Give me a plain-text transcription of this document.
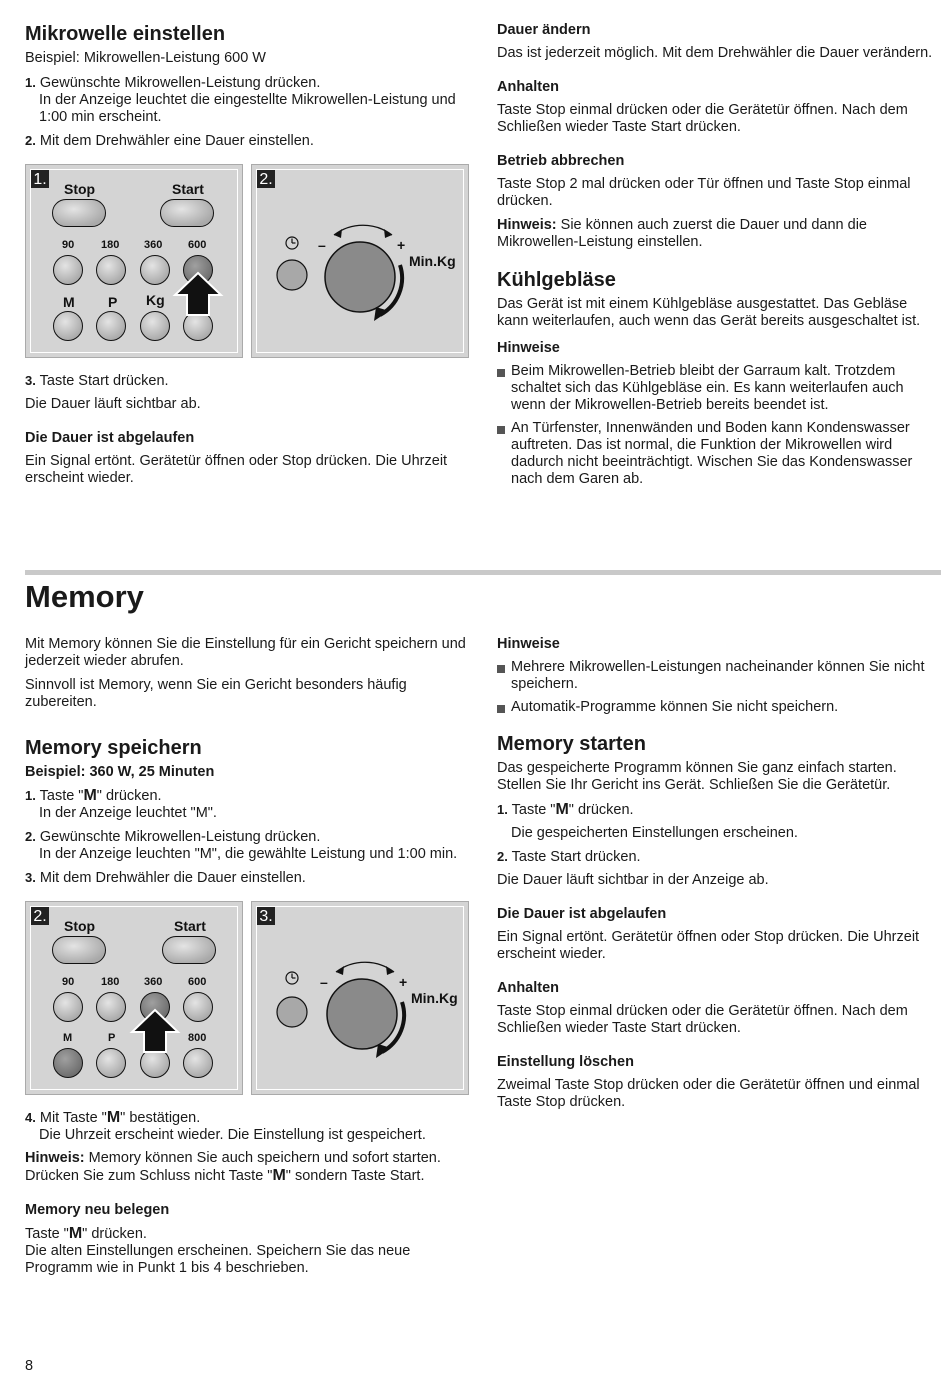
Mikrowelle einstellen

Beispiel: Mikrowellen-Leistung 600 W

1. Gewünschte Mikrowellen-Leistung drücken.
In der Anzeige leuchtet die eingestellte Mikrowellen-Leistung und 1:00 min erscheint.
2. Mit dem Drehwähler eine Dauer einstellen.
1.
Stop	Start
90 180 360 600
M P Kg
2.
–	+
Min.Kg
3. Taste Start drücken.

Die Dauer läuft sichtbar ab.

Die Dauer ist abgelaufen

Ein Signal ertönt. Gerätetür öffnen oder Stop drücken. Die Uhrzeit erscheint wieder.

Dauer ändern

Das ist jederzeit möglich. Mit dem Drehwähler die Dauer verändern.

Anhalten

Taste Stop einmal drücken oder die Gerätetür öffnen. Nach dem Schließen wieder Taste Start drücken.

Betrieb abbrechen

Taste Stop 2 mal drücken oder Tür öffnen und Taste Stop einmal drücken.

Hinweis: Sie können auch zuerst die Dauer und dann die Mikrowellen-Leistung einstellen.

Kühlgebläse

Das Gerät ist mit einem Kühlgebläse ausgestattet. Das Gebläse kann weiterlaufen, auch wenn das Gerät bereits ausgeschaltet ist.

Hinweise
Beim Mikrowellen-Betrieb bleibt der Garraum kalt. Trotzdem schaltet sich das Kühlgebläse ein. Es kann weiterlaufen auch wenn der Mikrowellen-Betrieb bereits beendet ist.
An Türfenster, Innenwänden und Boden kann Kondenswasser auftreten. Das ist normal, die Funktion der Mikrowellen wird dadurch nicht beeinträchtigt. Wischen Sie das Kondenswasser nach dem Garen ab.
Memory

Mit Memory können Sie die Einstellung für ein Gericht speichern und jederzeit wieder abrufen.

Sinnvoll ist Memory, wenn Sie ein Gericht besonders häufig zubereiten.

Memory speichern
Beispiel: 360 W, 25 Minuten
1. Taste "M" drücken.
In der Anzeige leuchtet "M".
2. Gewünschte Mikrowellen-Leistung drücken.
In der Anzeige leuchten "M", die gewählte Leistung und 1:00 min.
3. Mit dem Drehwähler die Dauer einstellen.
2.
Stop	Start
90 180 360 600
M	P	800
3.
–	+
Min.Kg
4. Mit Taste "M" bestätigen.
Die Uhrzeit erscheint wieder. Die Einstellung ist gespeichert.

Hinweis: Memory können Sie auch speichern und sofort starten. Drücken Sie zum Schluss nicht Taste "M" sondern Taste Start.

Memory neu belegen
Taste "M" drücken.
Die alten Einstellungen erscheinen. Speichern Sie das neue Programm wie in Punkt 1 bis 4 beschrieben.
Hinweise
Mehrere Mikrowellen-Leistungen nacheinander können Sie nicht speichern.
Automatik-Programme können Sie nicht speichern.
Memory starten

Das gespeicherte Programm können Sie ganz einfach starten. Stellen Sie Ihr Gericht ins Gerät. Schließen Sie die Gerätetür.

1. Taste "M" drücken.
Die gespeicherten Einstellungen erscheinen.
2. Taste Start drücken.

Die Dauer läuft sichtbar in der Anzeige ab.

Die Dauer ist abgelaufen

Ein Signal ertönt. Gerätetür öffnen oder Stop drücken. Die Uhrzeit erscheint wieder.

Anhalten

Taste Stop einmal drücken oder die Gerätetür öffnen. Nach dem Schließen wieder Taste Start drücken.

Einstellung löschen

Zweimal Taste Stop drücken oder die Gerätetür öffnen und einmal Taste Stop drücken.

8
